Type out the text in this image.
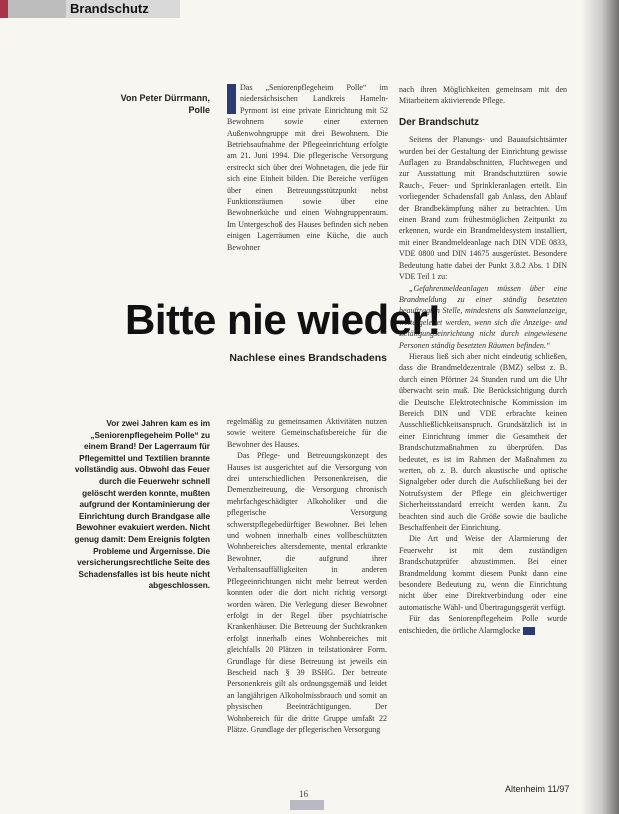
Brandschutz
Von Peter Dürrmann,
Polle

Das „Seniorenpflegeheim Polle“ im niedersächsischen Landkreis Hameln-Pyrmont ist eine private Einrichtung mit 52 Bewohnern sowie einer externen Außenwohngruppe mit drei Bewohnern. Die Betriebsaufnahme der Pflegeeinrichtung erfolgte am 21. Juni 1994. Die pflegerische Versorgung erstreckt sich über drei Wohnetagen, die jede für sich eine Einheit bilden. Die Bereiche verfügen über einen Betreuungsstützpunkt nebst Funktionsräumen sowie über eine Bewohnerküche und einen Wohngruppenraum. Im Untergeschoß des Hauses befinden sich neben einigen Lagerräumen eine Küche, die auch Bewohner

nach ihren Möglichkeiten gemeinsam mit den Mitarbeitern aktivierende Pflege.

Der Brandschutz

Seitens der Planungs- und Bauaufsichtsämter wurden bei der Gestaltung der Einrichtung gewisse Auflagen zu Brandabschnitten, Fluchtwegen und zur Ausstattung mit Brandschutztüren sowie Rauch-, Feuer- und Sprinkleranlagen erteilt. Ein vorliegender Schadensfall gab Anlass, den Ablauf der Brandbekämpfung näher zu betrachten. Um einen Brand zum frühestmöglichen Zeitpunkt zu erkennen, wurde ein Brandmeldesystem installiert, mit einer Brandmeldeanlage nach DIN VDE 0833, VDE 0800 und DIN 14675 ausgerüstet. Besondere Bedeutung hatte dabei der Punkt 3.8.2 Abs. 1 DIN VDE Teil 1 zu:

„Gefahrenmeldeanlagen müssen über eine Brandmeldung zu einer ständig besetzten beauftragten Stelle, mindestens als Sammelanzeige, weitergeleitet werden, wenn sich die Anzeige- und Betätigungseinrichtung nicht durch eingewiesene Personen ständig besetzten Räumen befinden.“

Hieraus ließ sich aber nicht eindeutig schließen, dass die Brandmeldezentrale (BMZ) selbst z. B. durch einen Pförtner 24 Stunden rund um die Uhr überwacht sein muß. Die Berücksichtigung durch die Deutsche Elektrotechnische Kommission im Bereich DIN und VDE erbrachte keinen Ausschließlichkeitsanspruch. Grundsätzlich ist in einer Einrichtung immer die Gesamtheit der Brandschutzmaßnahmen zu überprüfen. Das bedeutet, es ist im Rahmen der Maßnahmen zu werten, ob z. B. durch akustische und optische Signalgeber oder durch die Aufschließung bei der Notrufsystem der Pflege ein gleichwertiger Sicherheitsstandard erreicht werden kann. Zu beachten sind auch die Größe sowie die bauliche Beschaffenheit der Einrichtung.

Die Art und Weise der Alarmierung der Feuerwehr ist mit dem zuständigen Brandschutzprüfer abzustimmen. Bei einer Brandmeldung kommt diesem Punkt dann eine besondere Bedeutung zu, wenn die Einrichtung nicht über eine Direktverbindung oder eine automatische Wähl- und Übertragungsgerät verfügt.

Für das Seniorenpflegeheim Polle wurde entschieden, die örtliche Alarmglocke

Bitte nie wieder!
Nachlese eines Brandschadens
Vor zwei Jahren kam es im „Seniorenpflegeheim Polle“ zu einem Brand! Der Lagerraum für Pflegemittel und Textilien brannte vollständig aus. Obwohl das Feuer durch die Feuerwehr schnell gelöscht werden konnte, mußten aufgrund der Kontaminierung der Einrichtung durch Brandgase alle Bewohner evakuiert werden. Nicht genug damit: Dem Ereignis folgten Probleme und Ärgernisse. Die versicherungsrechtliche Seite des Schadensfalles ist bis heute nicht abgeschlossen.

regelmäßig zu gemeinsamen Aktivitäten nutzen sowie weitere Gemeinschaftsbereiche für die Bewohner des Hauses.

Das Pflege- und Betreuungskonzept des Hauses ist ausgerichtet auf die Versorgung von drei unterschiedlichen Personenkreisen, die Demenzbetreuung, die Versorgung chronisch mehrfachgeschädigter Alkoholiker und die pflegerische Versorgung schwerstpflegebedürftiger Bewohner. Bei leben und wohnen innerhalb eines vollbeschützten Wohnbereiches altersdemente, mental erkrankte Bewohner, die aufgrund ihrer Verhaltensauffälligkeiten in anderen Pflegeeinrichtungen nicht mehr betreut werden konnten oder die dort nicht richtig versorgt worden wären. Die Verlegung dieser Bewohner erfolgt in der Regel über psychiatrische Krankenhäuser. Die Betreuung der Suchtkranken erfolgt innerhalb eines Wohnbereiches mit gleichfalls 20 Plätzen in teilstationärer Form. Grundlage für diese Betreuung ist jeweils ein Bescheid nach § 39 BSHG. Der betreute Personenkreis gilt als ordnungsgemäß und leidet an langjährigen Alkoholmissbrauch und somit an physischen Beeinträchtigungen. Der Wohnbereich für die dritte Gruppe umfaßt 22 Plätze. Grundlage der pflegerischen Versorgung

16	Altenheim 11/97
